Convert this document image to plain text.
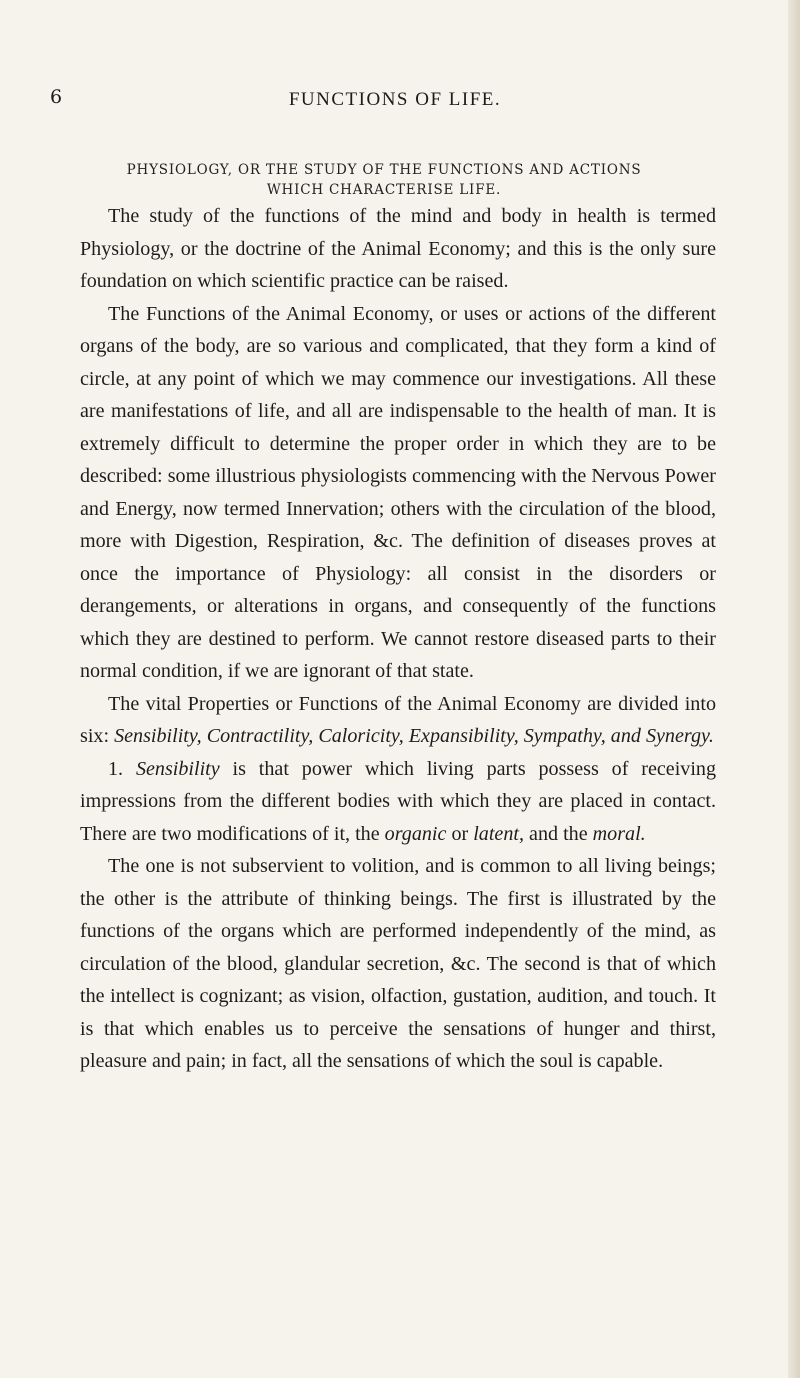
6	FUNCTIONS OF LIFE.
PHYSIOLOGY, OR THE STUDY OF THE FUNCTIONS AND ACTIONS
WHICH CHARACTERISE LIFE.

The study of the functions of the mind and body in health is termed Physiology, or the doctrine of the Animal Economy; and this is the only sure foundation on which scientific practice can be raised.

The Functions of the Animal Economy, or uses or actions of the different organs of the body, are so various and complicated, that they form a kind of circle, at any point of which we may commence our investigations. All these are manifestations of life, and all are indispensable to the health of man. It is extremely difficult to determine the proper order in which they are to be described: some illustrious physiologists commencing with the Nervous Power and Energy, now termed Innervation; others with the circulation of the blood, more with Digestion, Respiration, &c. The definition of diseases proves at once the importance of Physiology: all consist in the disorders or derangements, or alterations in organs, and consequently of the functions which they are destined to perform. We cannot restore diseased parts to their normal condition, if we are ignorant of that state.

The vital Properties or Functions of the Animal Economy are divided into six: Sensibility, Contractility, Caloricity, Expansibility, Sympathy, and Synergy.

1. Sensibility is that power which living parts possess of receiving impressions from the different bodies with which they are placed in contact. There are two modifications of it, the organic or latent, and the moral.

The one is not subservient to volition, and is common to all living beings; the other is the attribute of thinking beings. The first is illustrated by the functions of the organs which are performed independently of the mind, as circulation of the blood, glandular secretion, &c. The second is that of which the intellect is cognizant; as vision, olfaction, gustation, audition, and touch. It is that which enables us to perceive the sensations of hunger and thirst, pleasure and pain; in fact, all the sensations of which the soul is capable.
